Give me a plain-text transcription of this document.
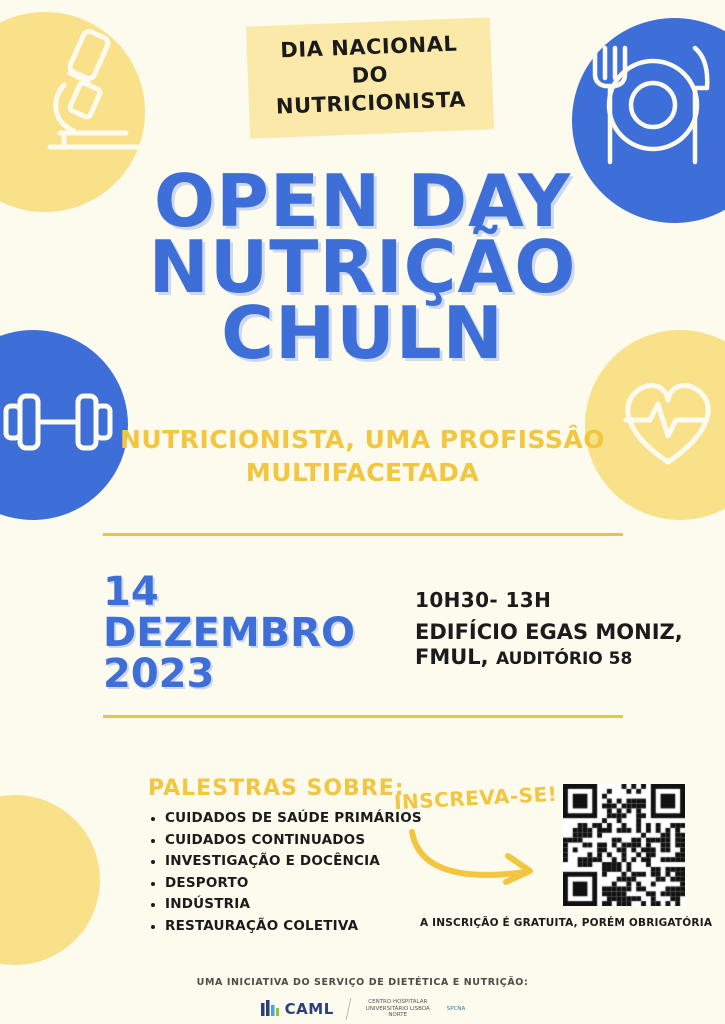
DIA NACIONAL
DO
NUTRICIONISTA
OPEN DAY
NUTRIÇÃO
CHULN
NUTRICIONISTA, UMA PROFISSÂO
MULTIFACETADA
14
DEZEMBRO
2023
10H30- 13H
EDIFÍCIO EGAS MONIZ,
FMUL, AUDITÓRIO 58
PALESTRAS SOBRE:
CUIDADOS DE SAÚDE PRIMÁRIOS
CUIDADOS CONTINUADOS
INVESTIGAÇÃO E DOCÊNCIA
DESPORTO
INDÚSTRIA
RESTAURAÇÃO COLETIVA
INSCREVA-SE!
A INSCRIÇÃO É GRATUITA, PORÉM OBRIGATÓRIA
UMA INICIATIVA DO SERVIÇO DE DIETÉTICA E NUTRIÇÃO:
CAML	CENTRO HOSPITALAR UNIVERSITÁRIO LISBOA NORTE
SPCNA
